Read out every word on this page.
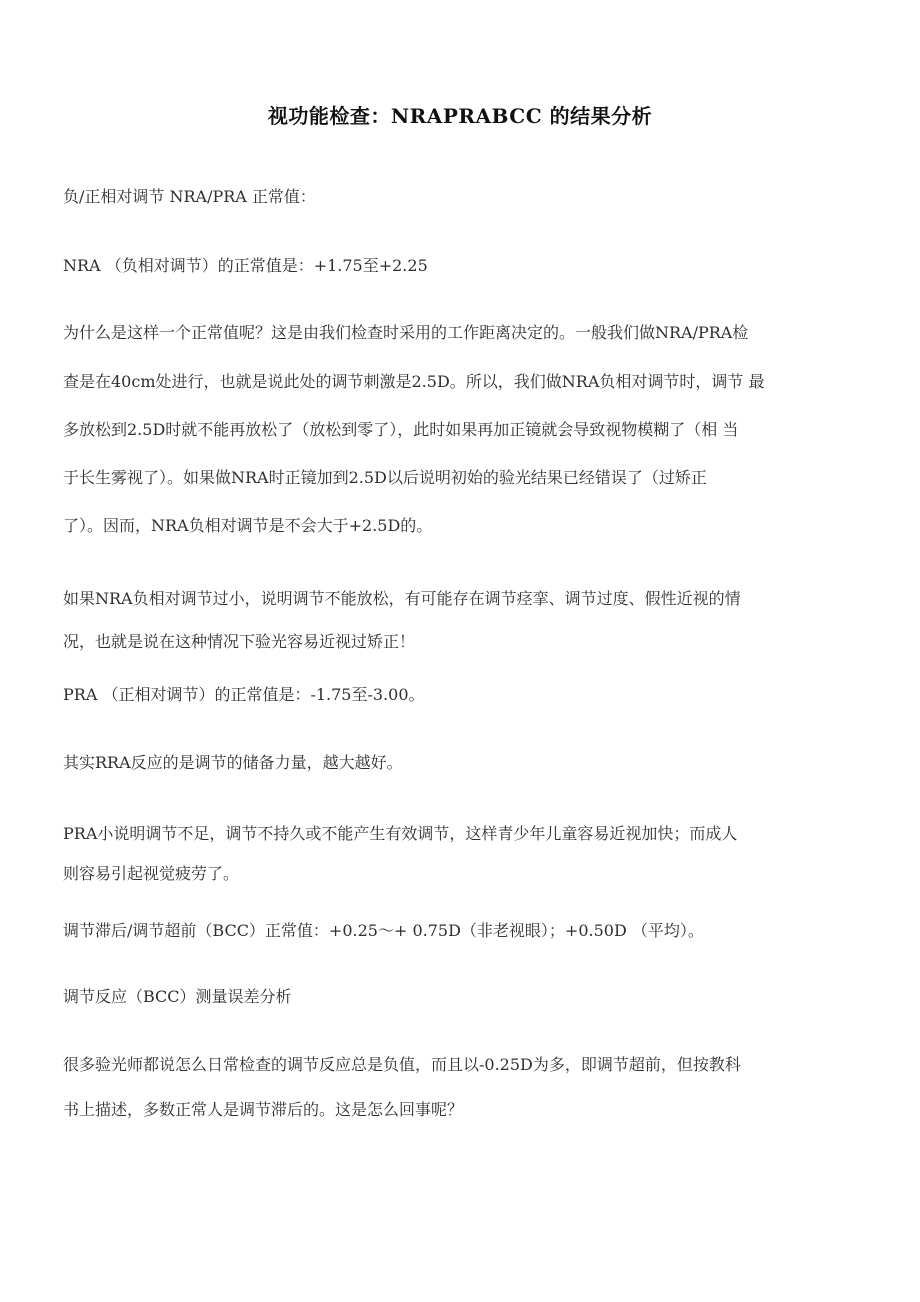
视功能检查：NRAPRABCC 的结果分析
负/正相对调节 NRA/PRA 正常值：
NRA （负相对调节）的正常值是：+1.75至+2.25
为什么是这样一个正常值呢？这是由我们检查时采用的工作距离决定的。一般我们做NRA/PRA检
查是在40cm处进行，也就是说此处的调节刺激是2.5D。所以，我们做NRA负相对调节时，调节 最
多放松到2.5D时就不能再放松了（放松到零了），此时如果再加正镜就会导致视物模糊了（相 当
于长生雾视了）。如果做NRA时正镜加到2.5D以后说明初始的验光结果已经错误了（过矫正
了）。因而，NRA负相对调节是不会大于+2.5D的。
如果NRA负相对调节过小，说明调节不能放松，有可能存在调节痉挛、调节过度、假性近视的情
况，也就是说在这种情况下验光容易近视过矫正！
PRA （正相对调节）的正常值是：-1.75至-3.00。
其实RRA反应的是调节的储备力量，越大越好。
PRA小说明调节不足，调节不持久或不能产生有效调节，这样青少年儿童容易近视加快；而成人
则容易引起视觉疲劳了。
调节滞后/调节超前（BCC）正常值：+0.25〜+ 0.75D（非老视眼）；+0.50D （平均）。
调节反应（BCC）测量误差分析
很多验光师都说怎么日常检查的调节反应总是负值，而且以-0.25D为多，即调节超前，但按教科
书上描述，多数正常人是调节滞后的。这是怎么回事呢？
